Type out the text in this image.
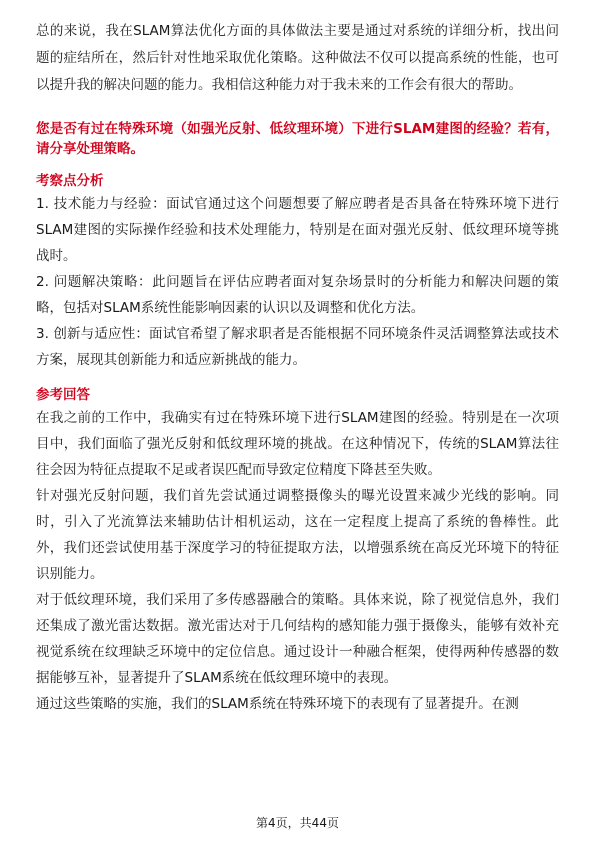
总的来说，我在SLAM算法优化方面的具体做法主要是通过对系统的详细分析，找出问题的症结所在，然后针对性地采取优化策略。这种做法不仅可以提高系统的性能，也可以提升我的解决问题的能力。我相信这种能力对于我未来的工作会有很大的帮助。

您是否有过在特殊环境（如强光反射、低纹理环境）下进行SLAM建图的经验？若有，请分享处理策略。

考察点分析

1. 技术能力与经验：面试官通过这个问题想要了解应聘者是否具备在特殊环境下进行SLAM建图的实际操作经验和技术处理能力，特别是在面对强光反射、低纹理环境等挑战时。

2. 问题解决策略：此问题旨在评估应聘者面对复杂场景时的分析能力和解决问题的策略，包括对SLAM系统性能影响因素的认识以及调整和优化方法。

3. 创新与适应性：面试官希望了解求职者是否能根据不同环境条件灵活调整算法或技术方案，展现其创新能力和适应新挑战的能力。

参考回答

在我之前的工作中，我确实有过在特殊环境下进行SLAM建图的经验。特别是在一次项目中，我们面临了强光反射和低纹理环境的挑战。在这种情况下，传统的SLAM算法往往会因为特征点提取不足或者误匹配而导致定位精度下降甚至失败。

针对强光反射问题，我们首先尝试通过调整摄像头的曝光设置来减少光线的影响。同时，引入了光流算法来辅助估计相机运动，这在一定程度上提高了系统的鲁棒性。此外，我们还尝试使用基于深度学习的特征提取方法，以增强系统在高反光环境下的特征识别能力。

对于低纹理环境，我们采用了多传感器融合的策略。具体来说，除了视觉信息外，我们还集成了激光雷达数据。激光雷达对于几何结构的感知能力强于摄像头，能够有效补充视觉系统在纹理缺乏环境中的定位信息。通过设计一种融合框架，使得两种传感器的数据能够互补，显著提升了SLAM系统在低纹理环境中的表现。

通过这些策略的实施，我们的SLAM系统在特殊环境下的表现有了显著提升。在测

第4页，共44页
